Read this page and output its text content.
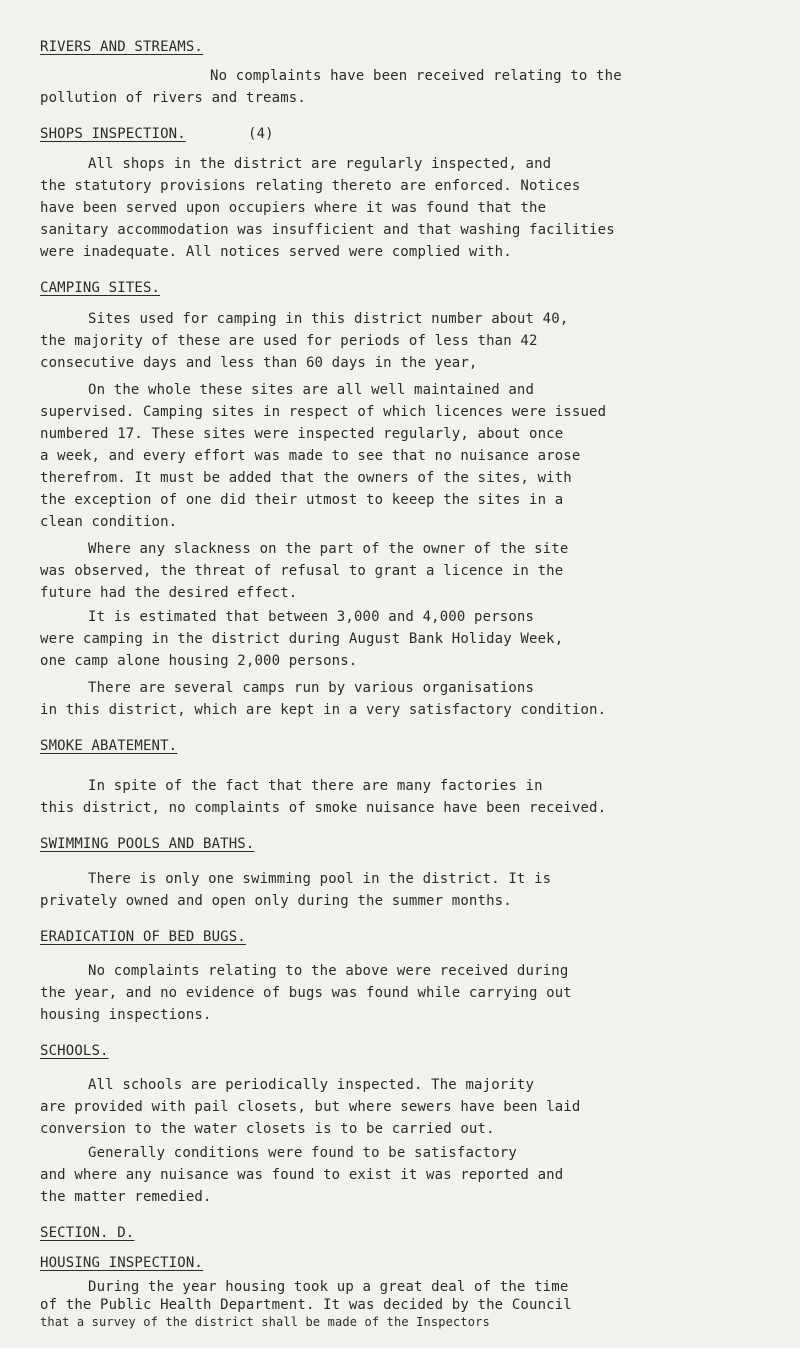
RIVERS AND STREAMS.
No complaints have been received relating to the
pollution of rivers and treams.
SHOPS INSPECTION.	(4)
All shops in the district are regularly inspected, and
the statutory provisions relating thereto are enforced. Notices
have been served upon occupiers where it was found that the
sanitary accommodation was insufficient and that washing facilities
were inadequate. All notices served were complied with.
CAMPING SITES.
Sites used for camping in this district number about 40,
the majority of these are used for periods of less than 42
consecutive days and less than 60 days in the year,
On the whole these sites are all well maintained and
supervised. Camping sites in respect of which licences were issued
numbered 17. These sites were inspected regularly, about once
a week, and every effort was made to see that no nuisance arose
therefrom. It must be added that the owners of the sites, with
the exception of one did their utmost to keeep the sites in a
clean condition.
Where any slackness on the part of the owner of the site
was observed, the threat of refusal to grant a licence in the
future had the desired effect.
It is estimated that between 3,000 and 4,000 persons
were camping in the district during August Bank Holiday Week,
one camp alone housing 2,000 persons.
There are several camps run by various organisations
in this district, which are kept in a very satisfactory condition.
SMOKE ABATEMENT.
In spite of the fact that there are many factories in
this district, no complaints of smoke nuisance have been received.
SWIMMING POOLS AND BATHS.
There is only one swimming pool in the district. It is
privately owned and open only during the summer months.
ERADICATION OF BED BUGS.
No complaints relating to the above were received during
the year, and no evidence of bugs was found while carrying out
housing inspections.
SCHOOLS.
All schools are periodically inspected. The majority
are provided with pail closets, but where sewers have been laid
conversion to the water closets is to be carried out.
Generally conditions were found to be satisfactory
and where any nuisance was found to exist it was reported and
the matter remedied.
SECTION. D.
HOUSING INSPECTION.
During the year housing took up a great deal of the time
of the Public Health Department. It was decided by the Council
that a survey of the district shall be made of the Inspectors
